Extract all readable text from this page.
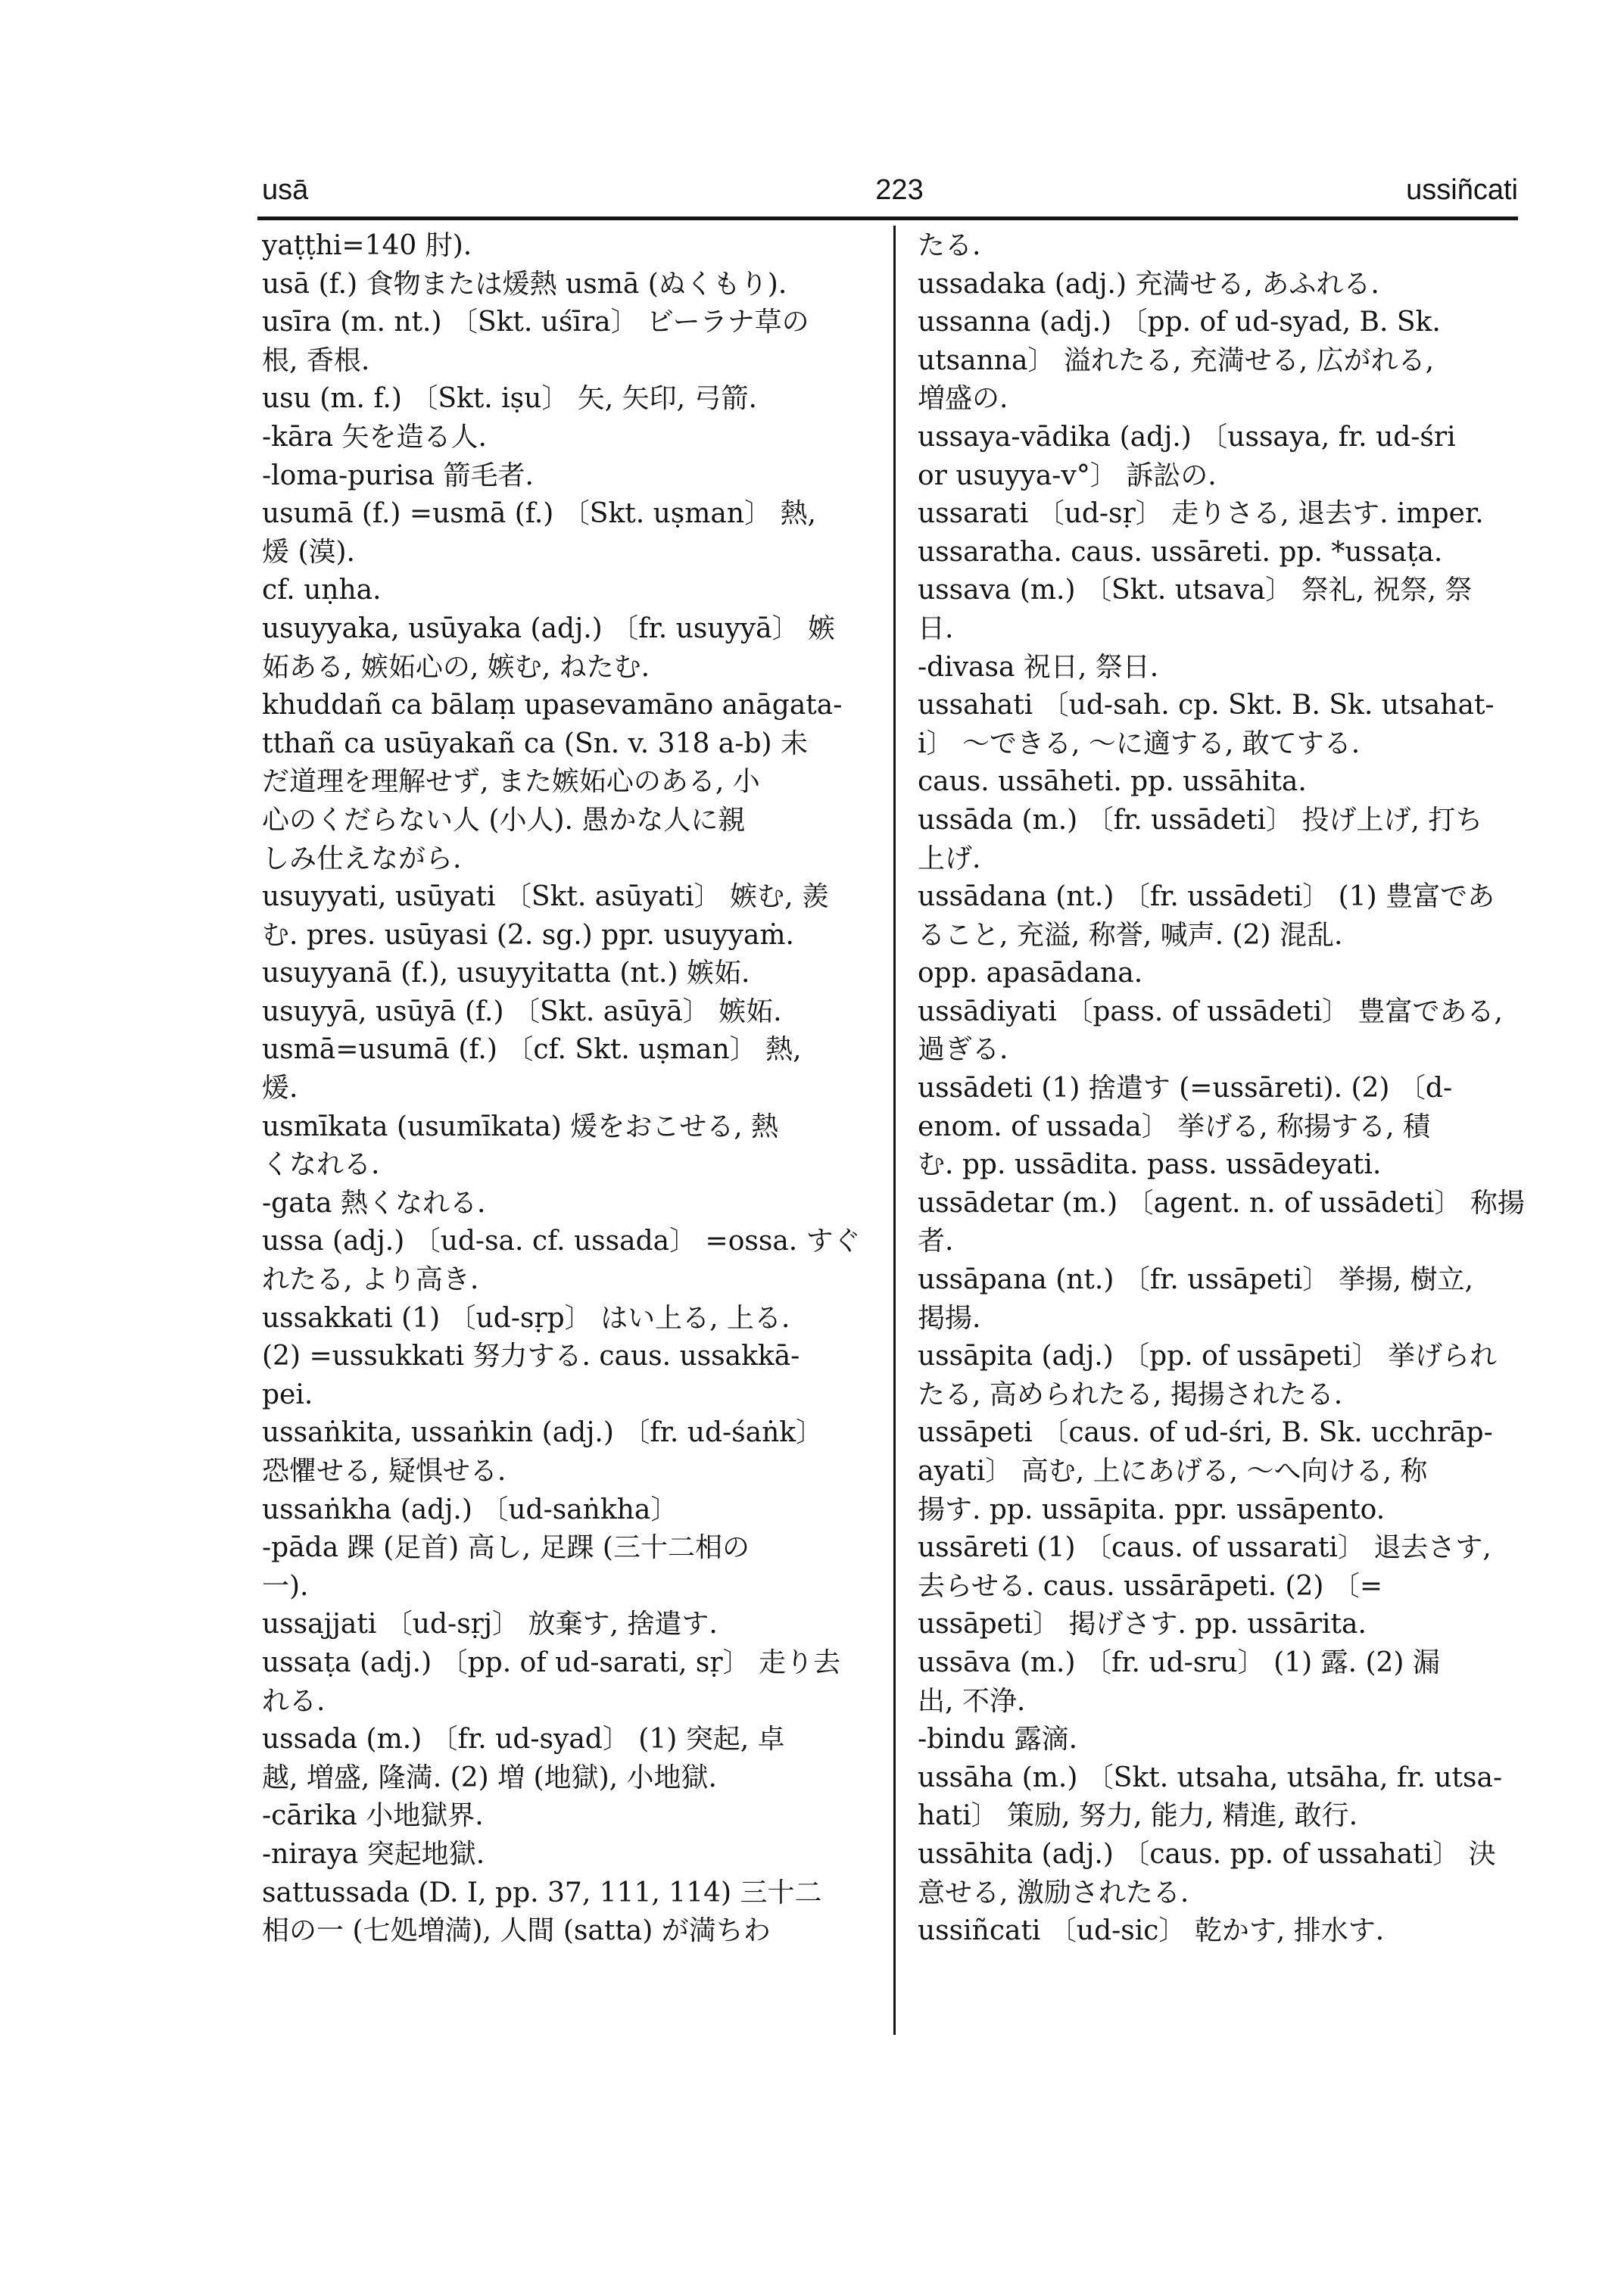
usā	223	ussiñcati
yaṭṭhi=140 肘).
usā (f.) 食物または煖熱 usmā (ぬくもり).
usīra (m. nt.) 〔Skt. uśīra〕 ビーラナ草の
根, 香根.
usu (m. f.) 〔Skt. iṣu〕 矢, 矢印, 弓箭.
-kāra 矢を造る人.
-loma-purisa 箭毛者.
usumā (f.) =usmā (f.) 〔Skt. uṣman〕 熱,
煖 (漠).
cf. uṇha.
usuyyaka, usūyaka (adj.) 〔fr. usuyyā〕 嫉
妬ある, 嫉妬心の, 嫉む, ねたむ.
khuddañ ca bālaṃ upasevamāno anāgata-
tthañ ca usūyakañ ca (Sn. v. 318 a-b) 未
だ道理を理解せず, また嫉妬心のある, 小
心のくだらない人 (小人). 愚かな人に親
しみ仕えながら.
usuyyati, usūyati 〔Skt. asūyati〕 嫉む, 羨
む. pres. usūyasi (2. sg.) ppr. usuyyaṁ.
usuyyanā (f.), usuyyitatta (nt.) 嫉妬.
usuyyā, usūyā (f.) 〔Skt. asūyā〕 嫉妬.
usmā=usumā (f.) 〔cf. Skt. uṣman〕 熱,
煖.
usmīkata (usumīkata) 煖をおこせる, 熱
くなれる.
-gata 熱くなれる.
ussa (adj.) 〔ud-sa. cf. ussada〕 =ossa. すぐ
れたる, より高き.
ussakkati (1) 〔ud-sṛp〕 はい上る, 上る.
(2) =ussukkati 努力する. caus. ussakkā-
pei.
ussaṅkita, ussaṅkin (adj.) 〔fr. ud-śaṅk〕
恐懼せる, 疑惧せる.
ussaṅkha (adj.) 〔ud-saṅkha〕
-pāda 踝 (足首) 高し, 足踝 (三十二相の
一).
ussajjati 〔ud-sṛj〕 放棄す, 捨遣す.
ussaṭa (adj.) 〔pp. of ud-sarati, sṛ〕 走り去
れる.
ussada (m.) 〔fr. ud-syad〕 (1) 突起, 卓
越, 増盛, 隆満. (2) 増 (地獄), 小地獄.
-cārika 小地獄界.
-niraya 突起地獄.
sattussada (D. I, pp. 37, 111, 114) 三十二
相の一 (七処増満), 人間 (satta) が満ちわ
たる.
ussadaka (adj.) 充満せる, あふれる.
ussanna (adj.) 〔pp. of ud-syad, B. Sk.
utsanna〕 溢れたる, 充満せる, 広がれる,
増盛の.
ussaya-vādika (adj.) 〔ussaya, fr. ud-śri
or usuyya-v°〕 訴訟の.
ussarati 〔ud-sṛ〕 走りさる, 退去す. imper.
ussaratha. caus. ussāreti. pp. *ussaṭa.
ussava (m.) 〔Skt. utsava〕 祭礼, 祝祭, 祭
日.
-divasa 祝日, 祭日.
ussahati 〔ud-sah. cp. Skt. B. Sk. utsahat-
i〕 ～できる, ～に適する, 敢てする.
caus. ussāheti. pp. ussāhita.
ussāda (m.) 〔fr. ussādeti〕 投げ上げ, 打ち
上げ.
ussādana (nt.) 〔fr. ussādeti〕 (1) 豊富であ
ること, 充溢, 称誉, 喊声. (2) 混乱.
opp. apasādana.
ussādiyati 〔pass. of ussādeti〕 豊富である,
過ぎる.
ussādeti (1) 捨遣す (=ussāreti). (2) 〔d-
enom. of ussada〕 挙げる, 称揚する, 積
む. pp. ussādita. pass. ussādeyati.
ussādetar (m.) 〔agent. n. of ussādeti〕 称揚
者.
ussāpana (nt.) 〔fr. ussāpeti〕 挙揚, 樹立,
掲揚.
ussāpita (adj.) 〔pp. of ussāpeti〕 挙げられ
たる, 高められたる, 掲揚されたる.
ussāpeti 〔caus. of ud-śri, B. Sk. ucchrāp-
ayati〕 高む, 上にあげる, ～へ向ける, 称
揚す. pp. ussāpita. ppr. ussāpento.
ussāreti (1) 〔caus. of ussarati〕 退去さす,
去らせる. caus. ussārāpeti. (2) 〔=
ussāpeti〕 掲げさす. pp. ussārita.
ussāva (m.) 〔fr. ud-sru〕 (1) 露. (2) 漏
出, 不浄.
-bindu 露滴.
ussāha (m.) 〔Skt. utsaha, utsāha, fr. utsa-
hati〕 策励, 努力, 能力, 精進, 敢行.
ussāhita (adj.) 〔caus. pp. of ussahati〕 決
意せる, 激励されたる.
ussiñcati 〔ud-sic〕 乾かす, 排水す.
